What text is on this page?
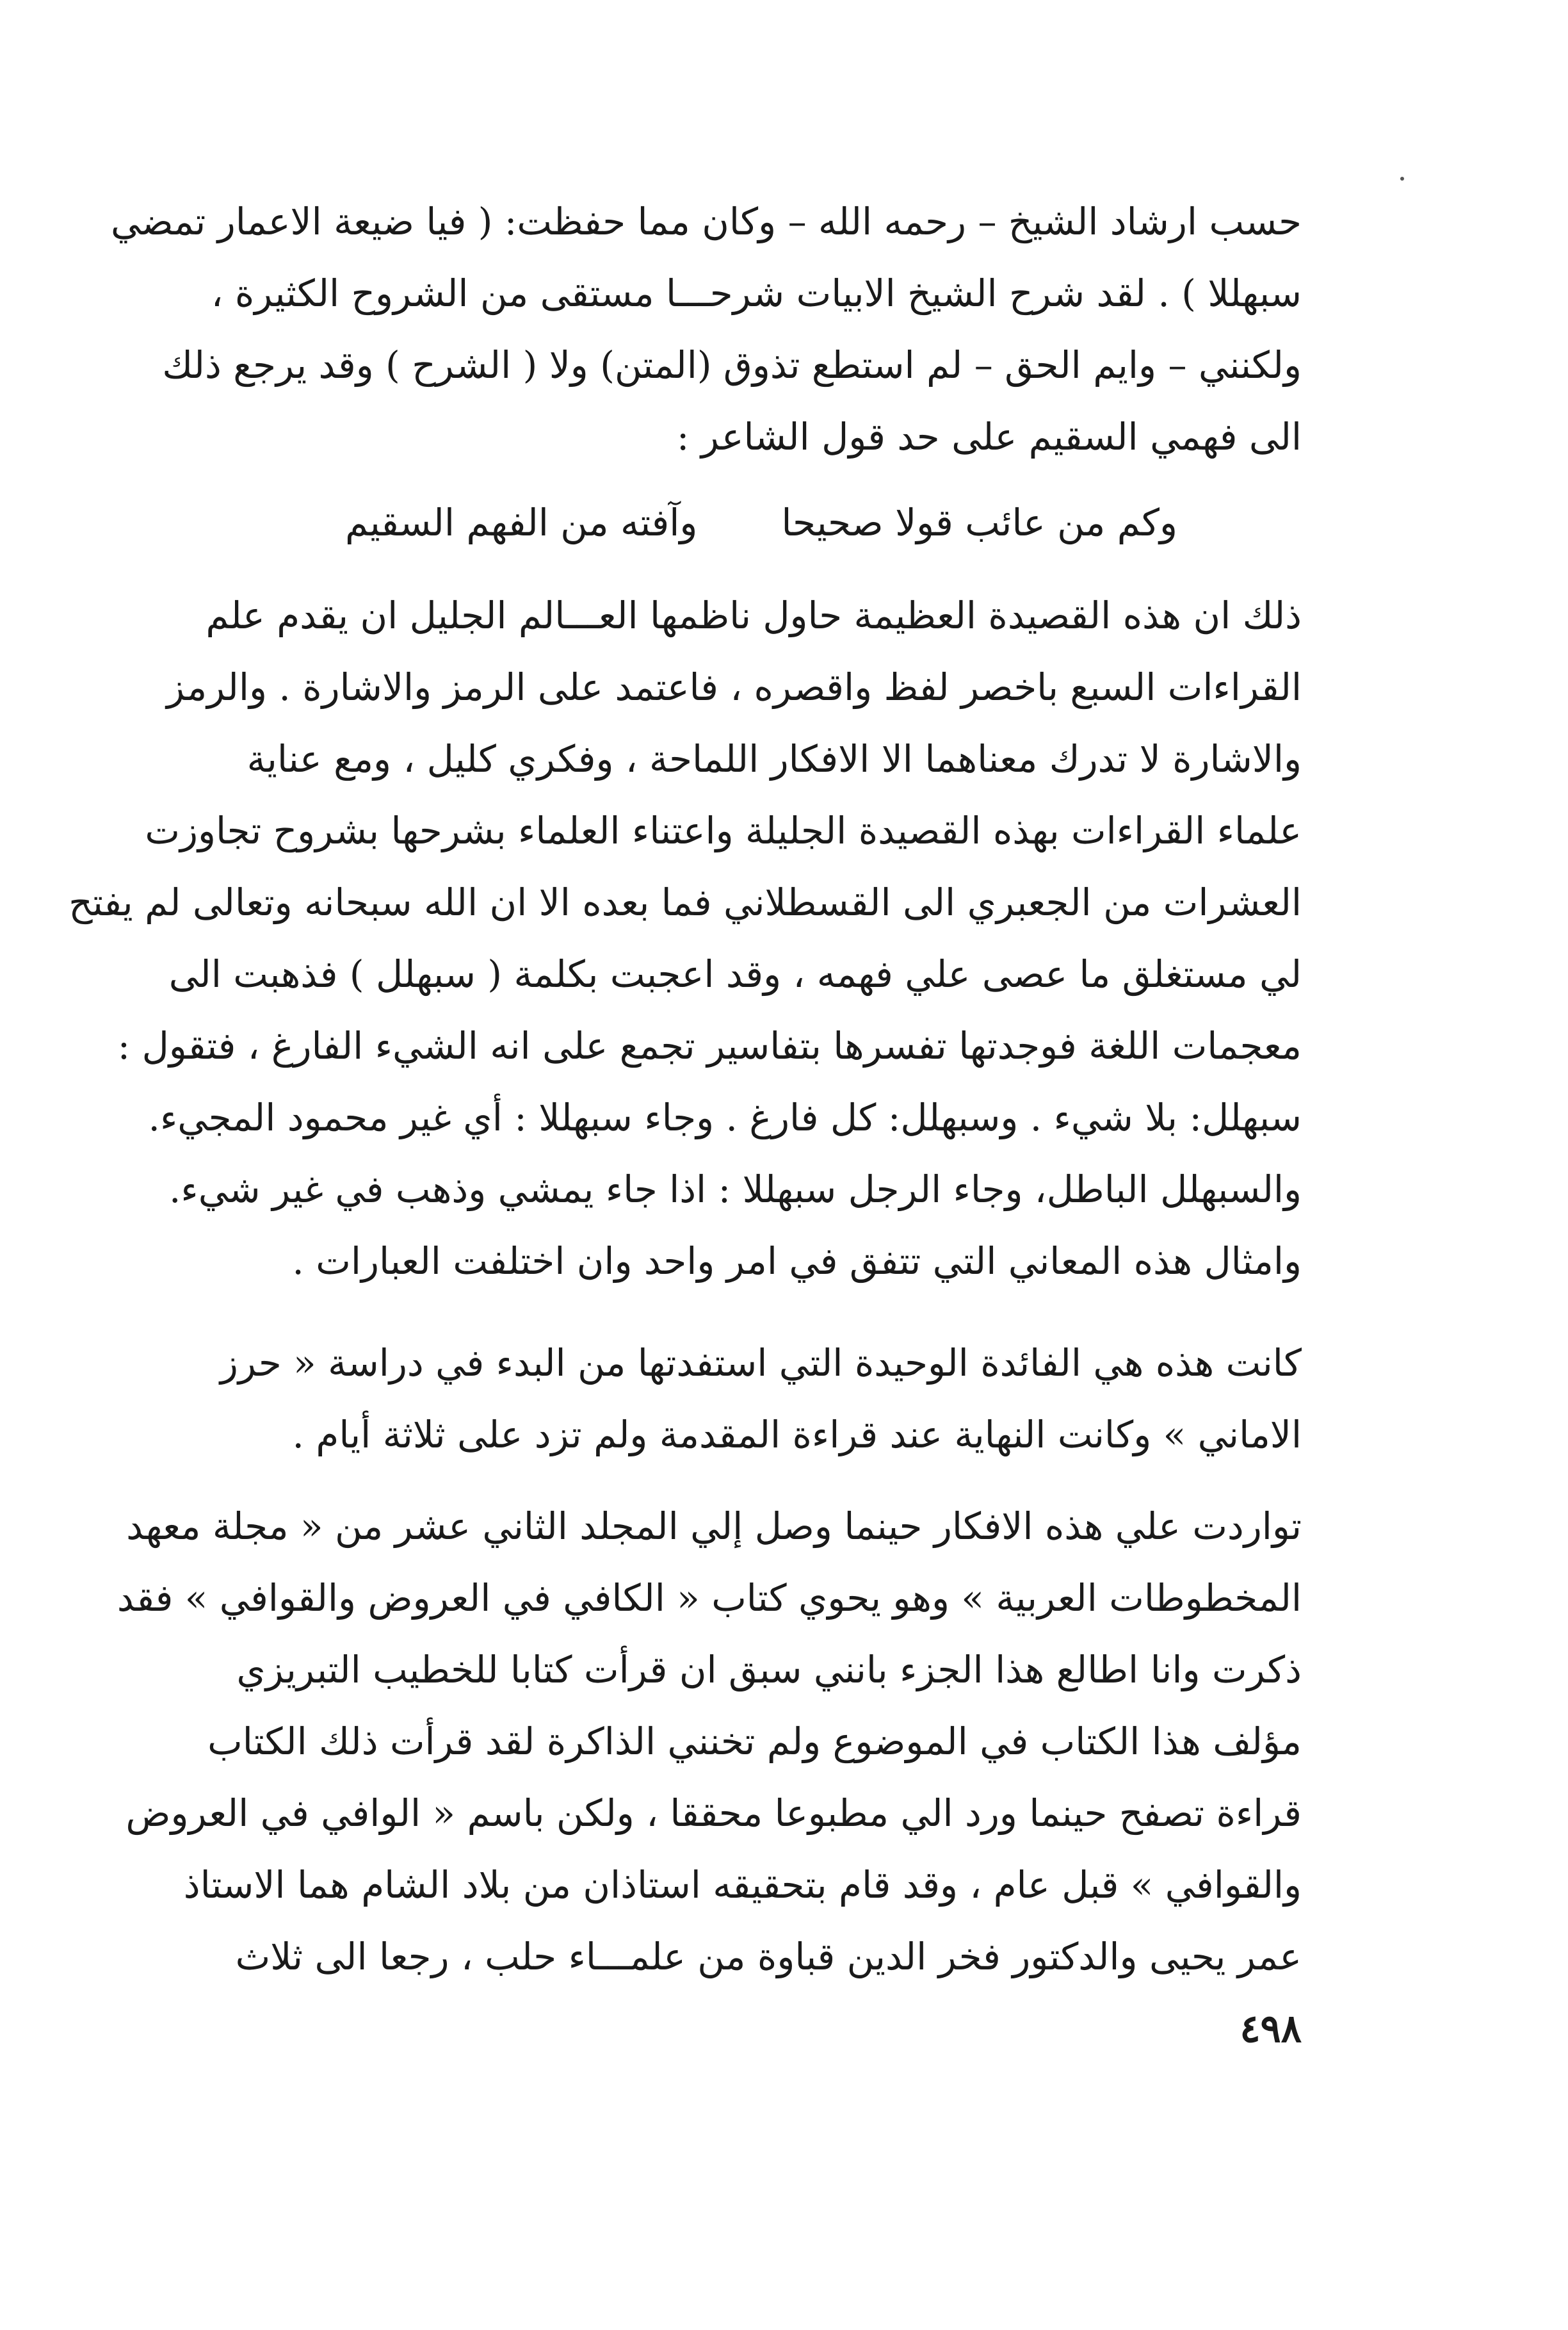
حسب ارشاد الشيخ – رحمه الله – وكان مما حفظت: ( فيا ضيعة الاعمار تمضي
سبهللا ) . لقد شرح الشيخ الابيات شرحـــا مستقى من الشروح الكثيرة ،
ولكنني – وايم الحق – لم استطع تذوق (المتن) ولا ( الشرح ) وقد يرجع ذلك
الى فهمي السقيم على حد قول الشاعر :
وكم من عائب قولا صحيحا
وآفته من الفهم السقيم
ذلك ان هذه القصيدة العظيمة حاول ناظمها العـــالم الجليل ان يقدم علم
القراءات السبع باخصر لفظ واقصره ، فاعتمد على الرمز والاشارة . والرمز
والاشارة لا تدرك معناهما الا الافكار اللماحة ، وفكري كليل ، ومع عناية
علماء القراءات بهذه القصيدة الجليلة واعتناء العلماء بشرحها بشروح تجاوزت
العشرات من الجعبري الى القسطلاني فما بعده الا ان الله سبحانه وتعالى لم يفتح
لي مستغلق ما عصى علي فهمه ، وقد اعجبت بكلمة ( سبهلل ) فذهبت الى
معجمات اللغة فوجدتها تفسرها بتفاسير تجمع على انه الشيء الفارغ ، فتقول :
سبهلل: بلا شيء . وسبهلل: كل فارغ . وجاء سبهللا : أي غير محمود المجيء.
والسبهلل الباطل، وجاء الرجل سبهللا : اذا جاء يمشي وذهب في غير شيء.
وامثال هذه المعاني التي تتفق في امر واحد وان اختلفت العبارات .
كانت هذه هي الفائدة الوحيدة التي استفدتها من البدء في دراسة « حرز
الاماني » وكانت النهاية عند قراءة المقدمة ولم تزد على ثلاثة أيام .
تواردت علي هذه الافكار حينما وصل إلي المجلد الثاني عشر من « مجلة معهد
المخطوطات العربية » وهو يحوي كتاب « الكافي في العروض والقوافي » فقد
ذكرت وانا اطالع هذا الجزء بانني سبق ان قرأت كتابا للخطيب التبريزي
مؤلف هذا الكتاب في الموضوع ولم تخنني الذاكرة لقد قرأت ذلك الكتاب
قراءة تصفح حينما ورد الي مطبوعا محققا ، ولكن باسم « الوافي في العروض
والقوافي » قبل عام ، وقد قام بتحقيقه استاذان من بلاد الشام هما الاستاذ
عمر يحيى والدكتور فخر الدين قباوة من علمـــاء حلب ، رجعا الى ثلاث
٤٩٨
